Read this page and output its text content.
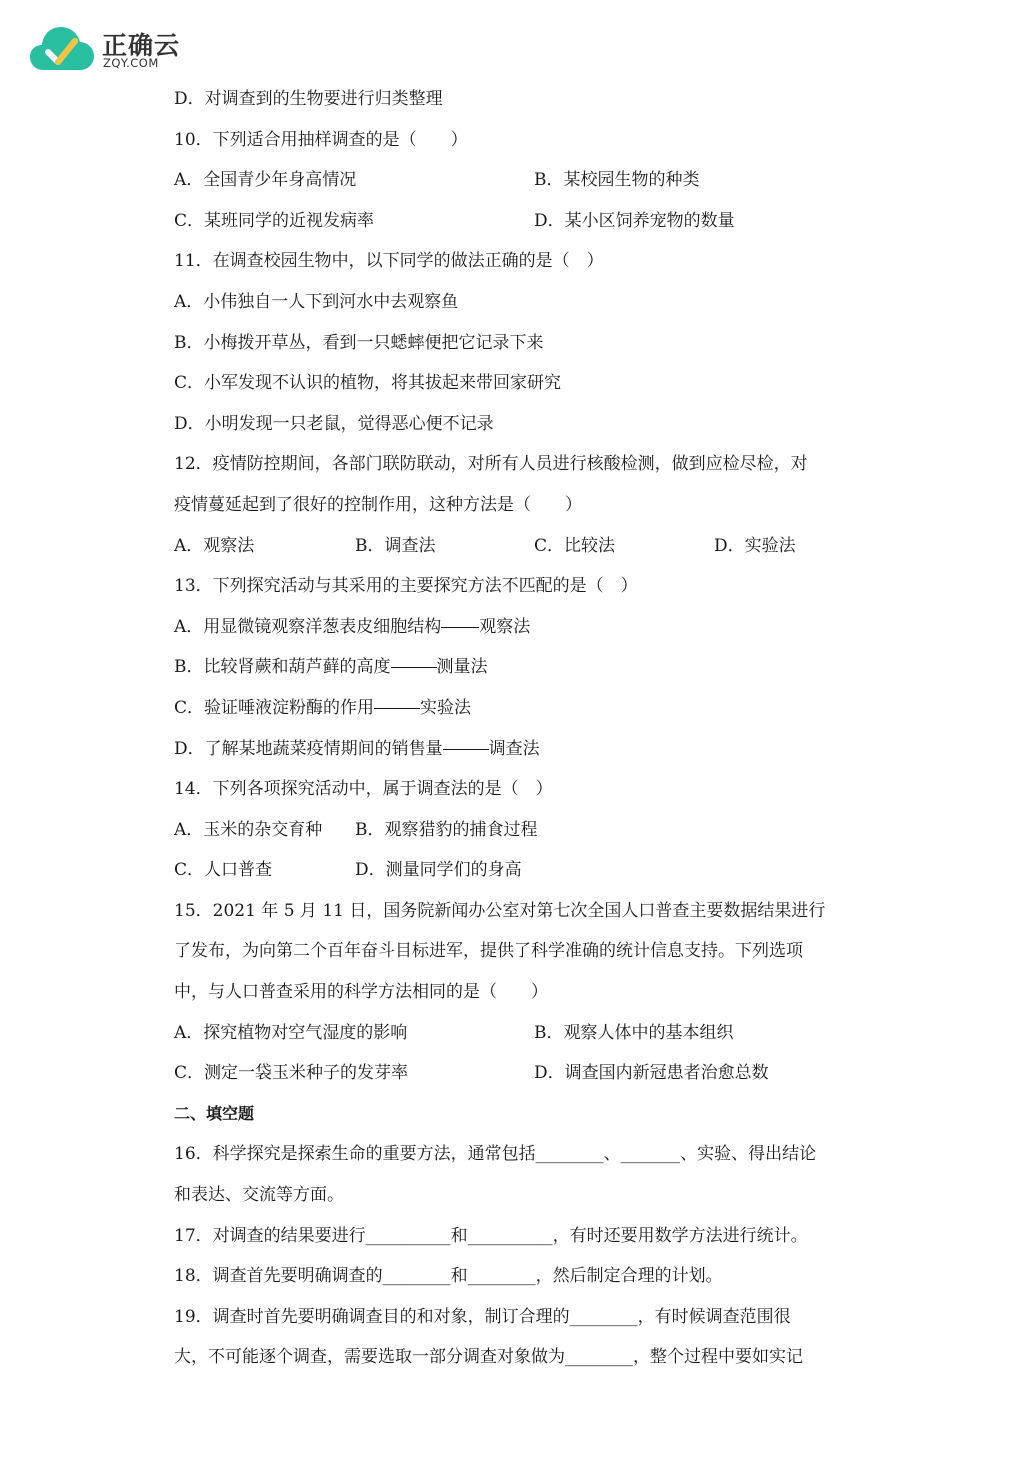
正确云
ZQY.COM
D．对调查到的生物要进行归类整理
10．下列适合用抽样调查的是（　　）
A．全国青少年身高情况	B．某校园生物的种类
C．某班同学的近视发病率	D．某小区饲养宠物的数量
11．在调查校园生物中，以下同学的做法正确的是（　）
A．小伟独自一人下到河水中去观察鱼
B．小梅拨开草丛，看到一只蟋蟀便把它记录下来
C．小军发现不认识的植物，将其拔起来带回家研究
D．小明发现一只老鼠，觉得恶心便不记录
12．疫情防控期间，各部门联防联动，对所有人员进行核酸检测，做到应检尽检，对
疫情蔓延起到了很好的控制作用，这种方法是（　　）
A．观察法	B．调查法	C．比较法	D．实验法
13．下列探究活动与其采用的主要探究方法不匹配的是（　）
A．用显微镜观察洋葱表皮细胞结构 观察法
B．比较肾蕨和葫芦藓的高度	测量法
C．验证唾液淀粉酶的作用	实验法
D．了解某地蔬菜疫情期间的销售量	调查法
14．下列各项探究活动中，属于调查法的是（　）
A．玉米的杂交育种 B．观察猎豹的捕食过程
C．人口普查	D．测量同学们的身高
15．2021 年 5 月 11 日，国务院新闻办公室对第七次全国人口普查主要数据结果进行
了发布，为向第二个百年奋斗目标进军，提供了科学准确的统计信息支持。下列选项
中，与人口普查采用的科学方法相同的是（　　）
A．探究植物对空气湿度的影响	B．观察人体中的基本组织
C．测定一袋玉米种子的发芽率	D．调查国内新冠患者治愈总数
二、填空题
16．科学探究是探索生命的重要方法，通常包括________、_______、实验、得出结论
和表达、交流等方面。
17．对调查的结果要进行__________和__________，有时还要用数学方法进行统计。
18．调查首先要明确调查的________和________，然后制定合理的计划。
19．调查时首先要明确调查目的和对象，制订合理的________，有时候调查范围很
大，不可能逐个调查，需要选取一部分调查对象做为________，整个过程中要如实记
